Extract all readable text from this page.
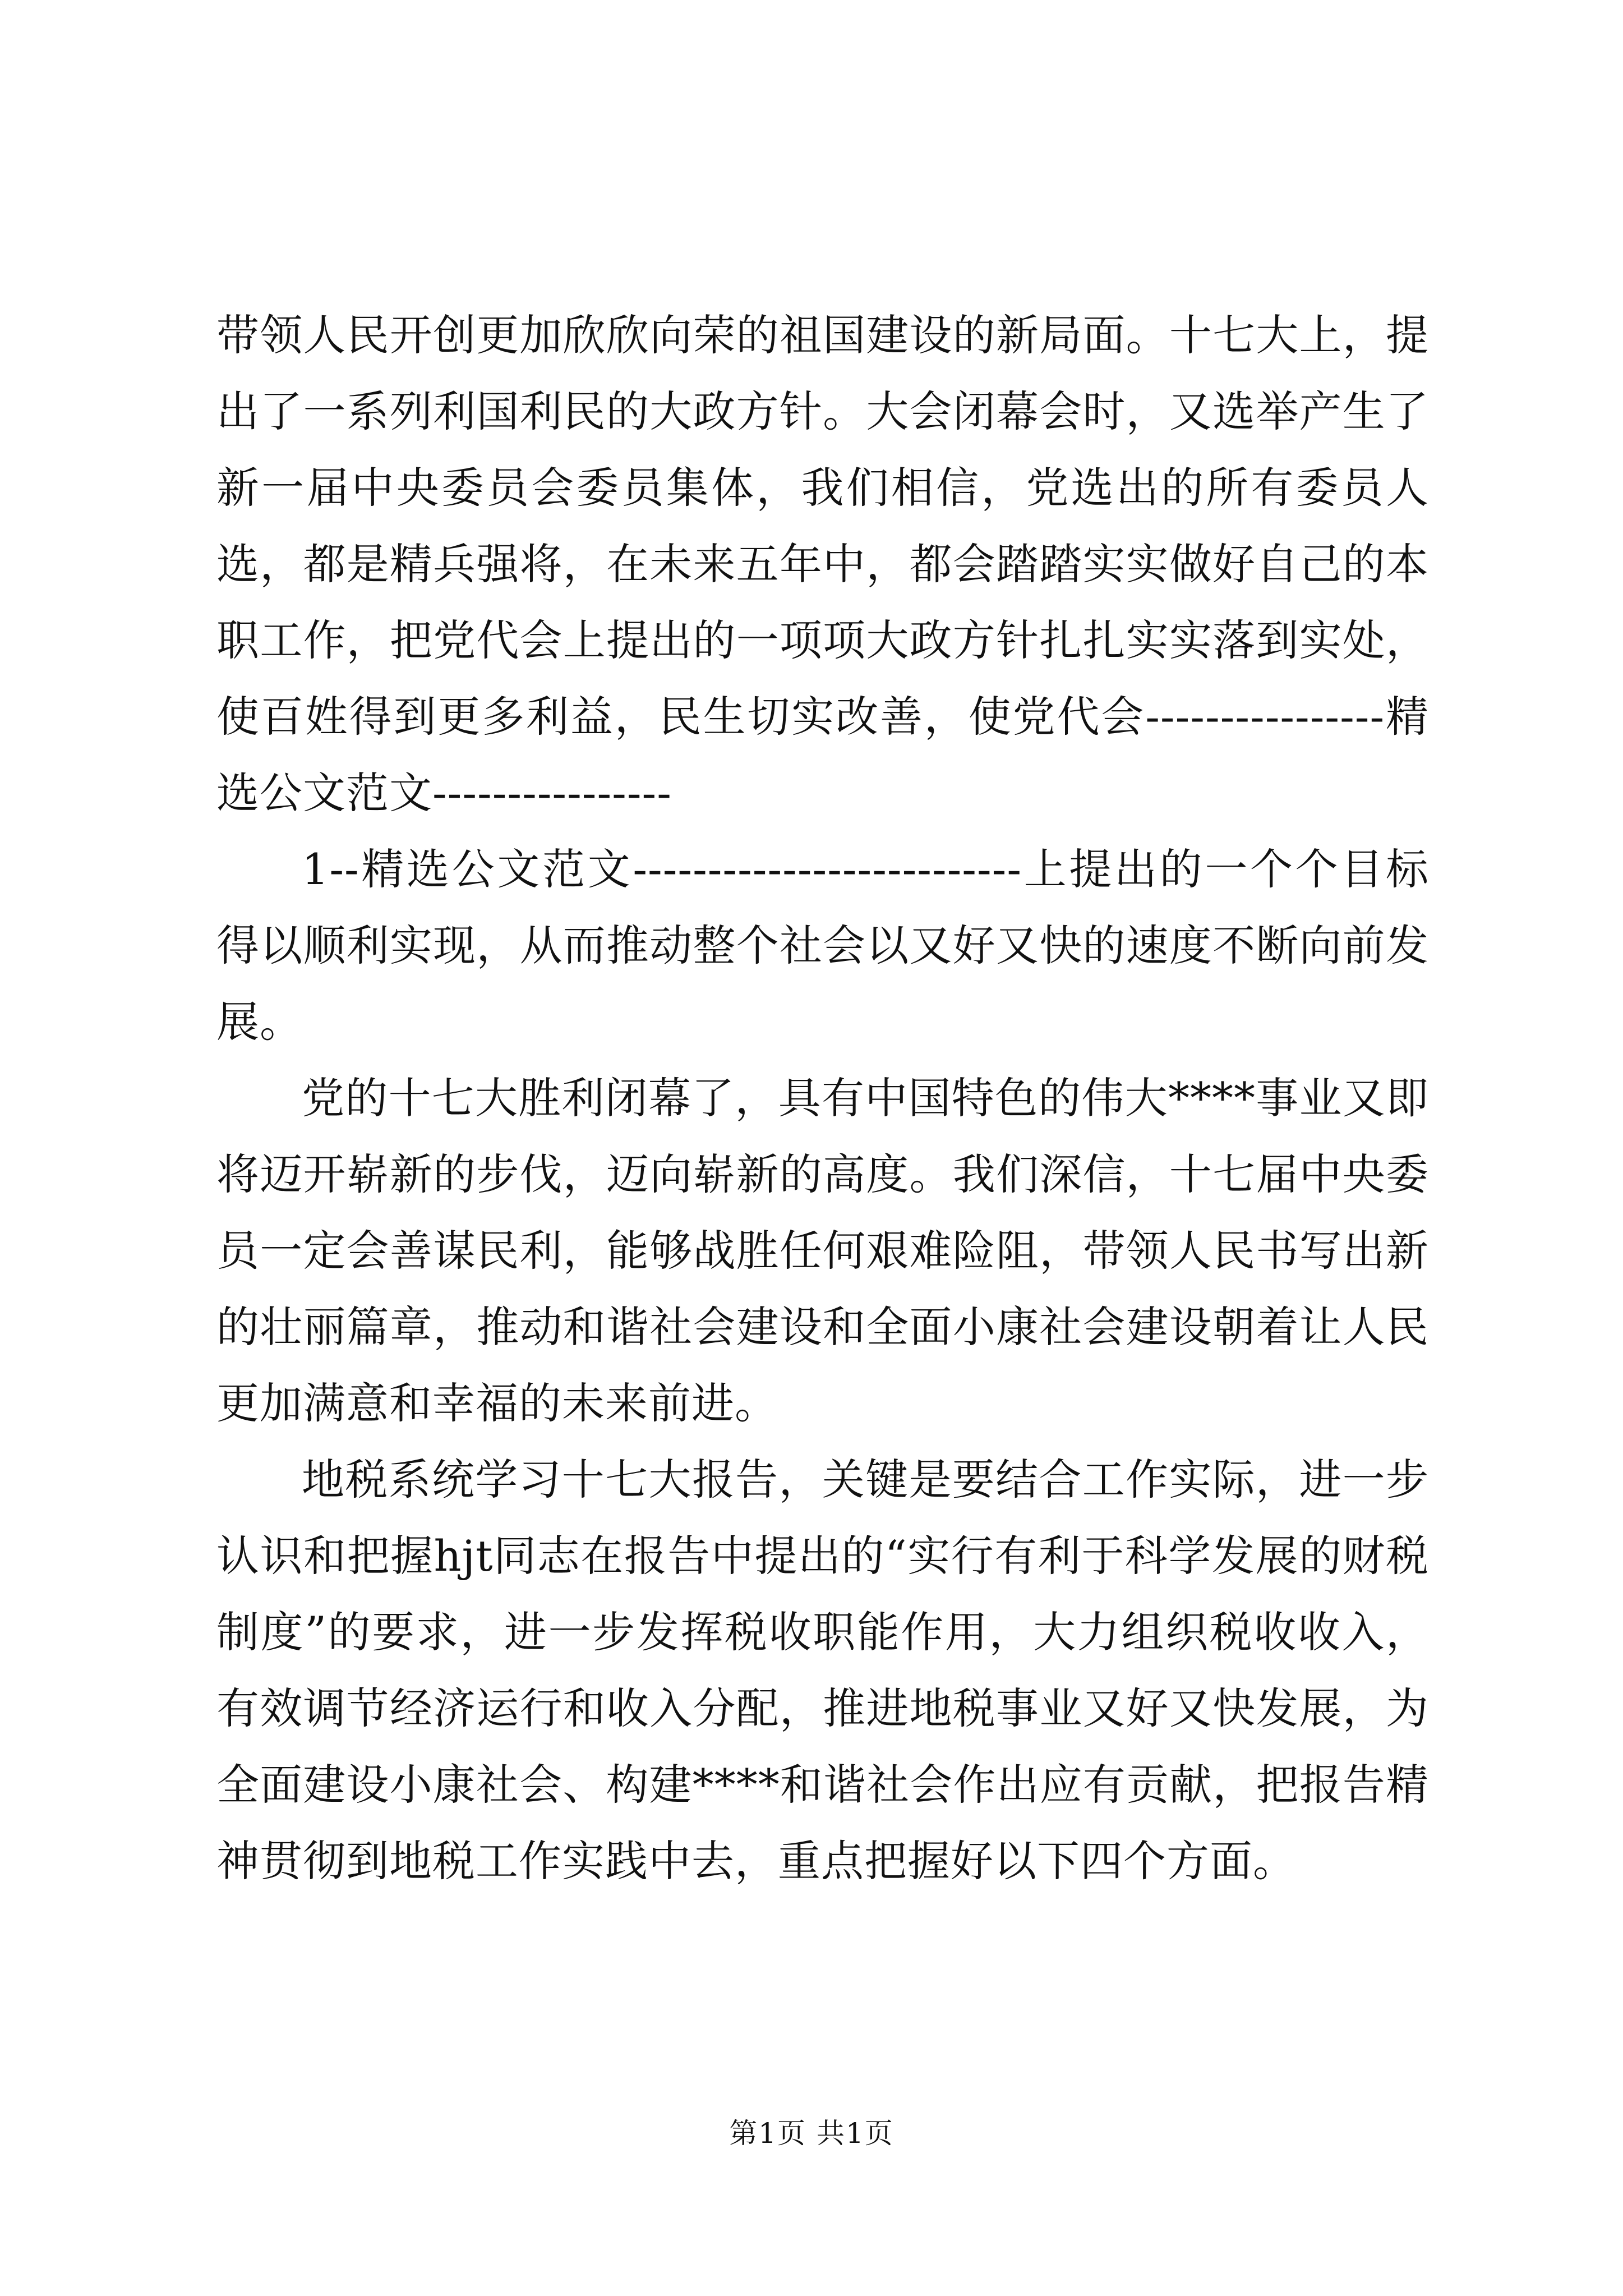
带领人民开创更加欣欣向荣的祖国建设的新局面。十七大上，提出了一系列利国利民的大政方针。大会闭幕会时，又选举产生了新一届中央委员会委员集体，我们相信，党选出的所有委员人选，都是精兵强将，在未来五年中，都会踏踏实实做好自己的本职工作，把党代会上提出的一项项大政方针扎扎实实落到实处，使百姓得到更多利益，民生切实改善，使党代会----------------精选公文范文----------------

1--精选公文范文--------------------------上提出的一个个目标得以顺利实现，从而推动整个社会以又好又快的速度不断向前发展。

党的十七大胜利闭幕了，具有中国特色的伟大****事业又即将迈开崭新的步伐，迈向崭新的高度。我们深信，十七届中央委员一定会善谋民利，能够战胜任何艰难险阻，带领人民书写出新的壮丽篇章，推动和谐社会建设和全面小康社会建设朝着让人民更加满意和幸福的未来前进。

地税系统学习十七大报告，关键是要结合工作实际，进一步认识和把握hjt同志在报告中提出的“实行有利于科学发展的财税制度”的要求，进一步发挥税收职能作用，大力组织税收收入，有效调节经济运行和收入分配，推进地税事业又好又快发展，为全面建设小康社会、构建****和谐社会作出应有贡献，把报告精神贯彻到地税工作实践中去，重点把握好以下四个方面。

第1页 共1页
